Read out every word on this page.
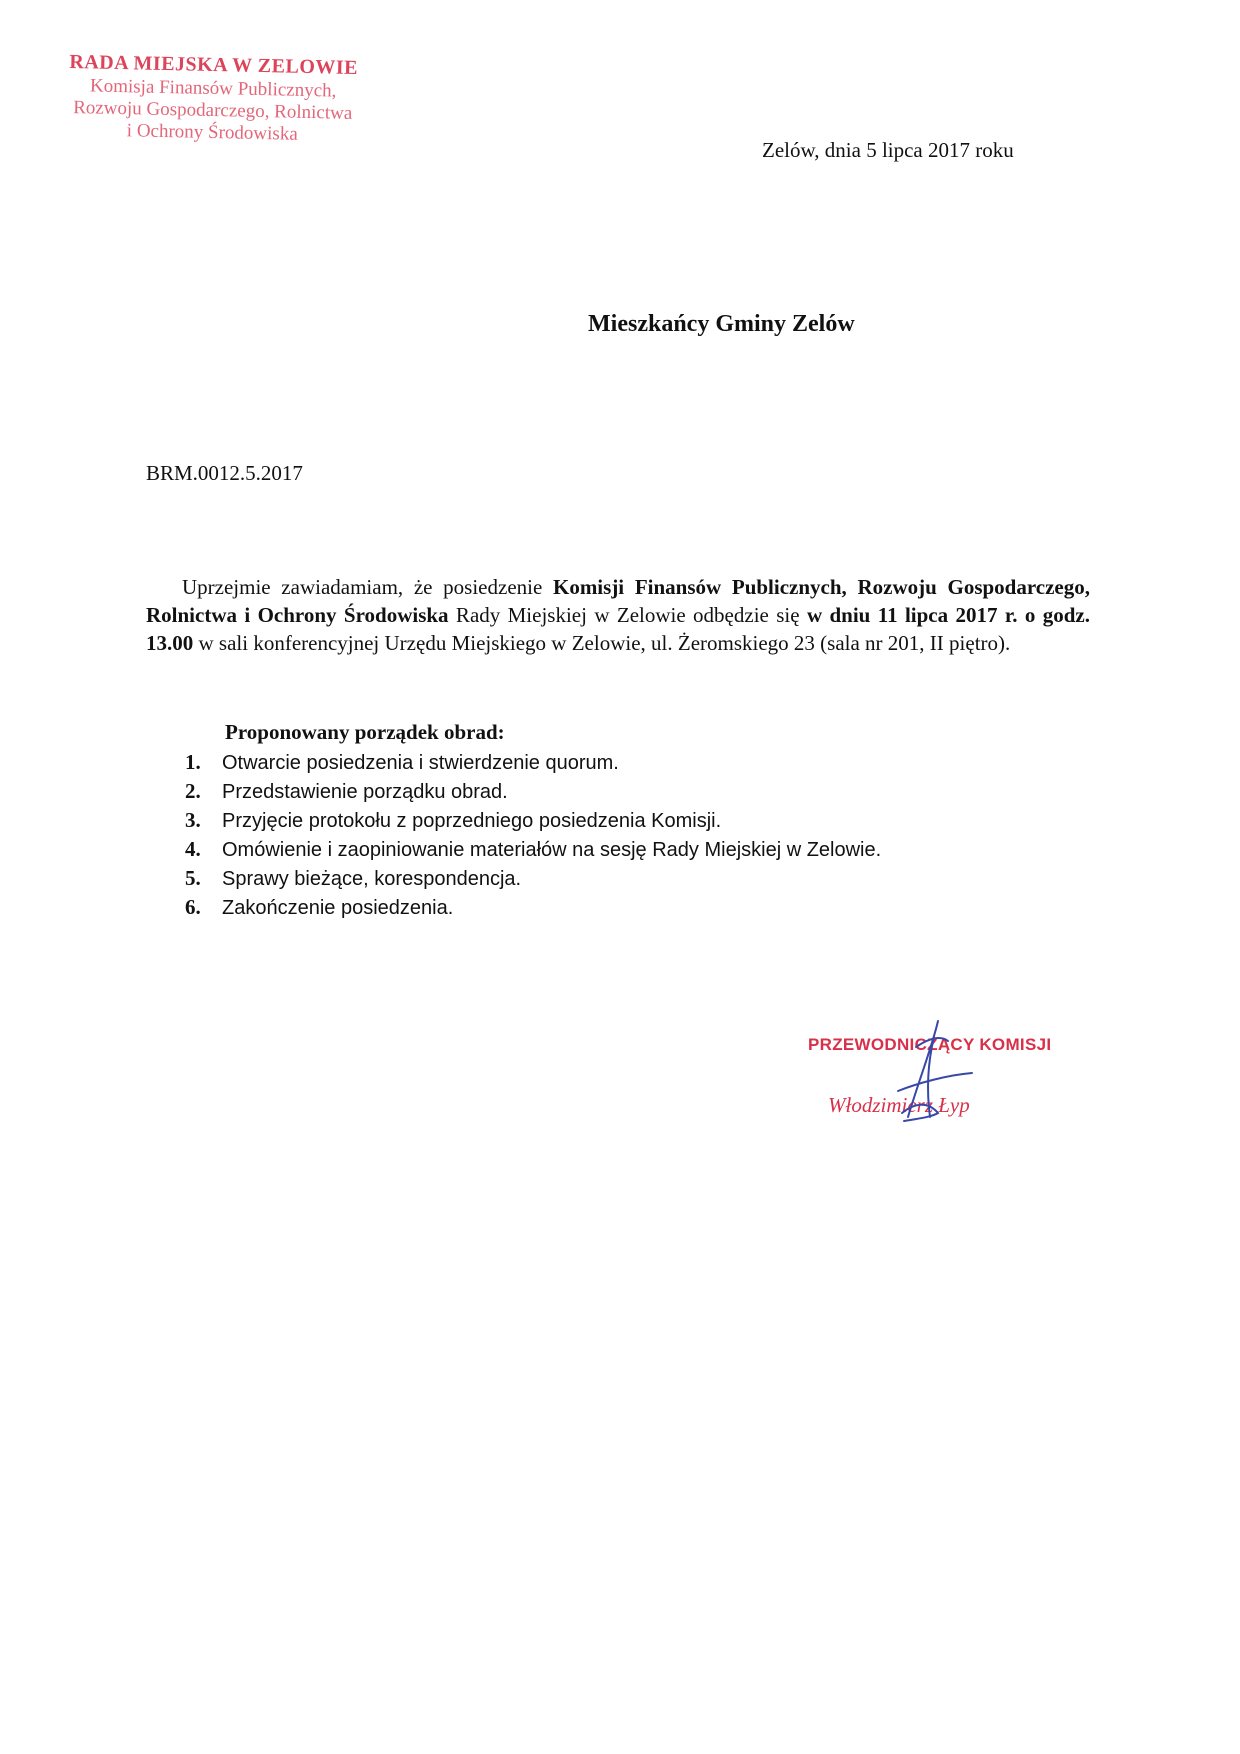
RADA MIEJSKA W ZELOWIE
Komisja Finansów Publicznych,
Rozwoju Gospodarczego, Rolnictwa
i Ochrony Środowiska
Zelów, dnia 5 lipca 2017 roku
Mieszkańcy Gminy Zelów
BRM.0012.5.2017

Uprzejmie zawiadamiam, że posiedzenie Komisji Finansów Publicznych, Rozwoju Gospodarczego, Rolnictwa i Ochrony Środowiska Rady Miejskiej w Zelowie odbędzie się w dniu 11 lipca 2017 r. o godz. 13.00 w sali konferencyjnej Urzędu Miejskiego w Zelowie, ul. Żeromskiego 23 (sala nr 201, II piętro).

Proponowany porządek obrad:
1. Otwarcie posiedzenia i stwierdzenie quorum.
2. Przedstawienie porządku obrad.
3. Przyjęcie protokołu z poprzedniego posiedzenia Komisji.
4. Omówienie i zaopiniowanie materiałów na sesję Rady Miejskiej w Zelowie.
5. Sprawy bieżące, korespondencja.
6. Zakończenie posiedzenia.
PRZEWODNICZĄCY KOMISJI
Włodzimierz Łyp
